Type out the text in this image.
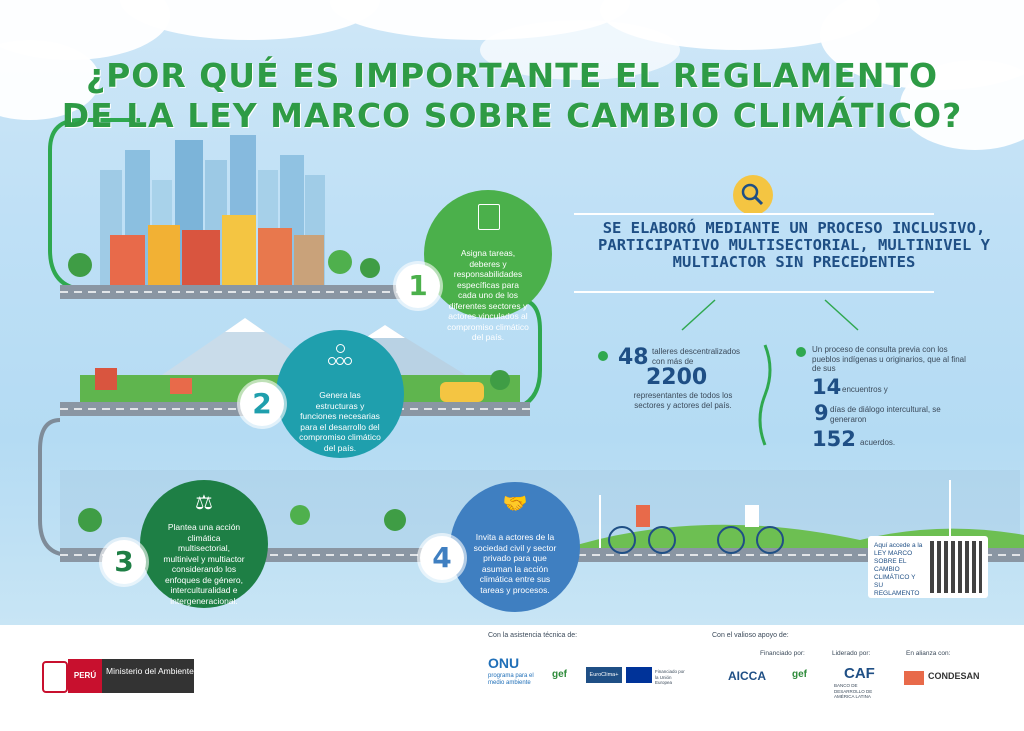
¿POR QUÉ ES IMPORTANTE EL REGLAMENTO
DE LA LEY MARCO SOBRE CAMBIO CLIMÁTICO?
Asigna tareas, deberes y responsabilidades específicas para cada uno de los diferentes sectores y actores vinculados al compromiso climático del país.
1
Genera las estructuras y funciones necesarias para el desarrollo del compromiso climático del país.
2
⚖
Plantea una acción climática multisectorial, multinivel y multiactor considerando los enfoques de género, interculturalidad e intergeneracional.
3
🤝
Invita a actores de la sociedad civil y sector privado para que asuman la acción climática entre sus tareas y procesos.
4
SE ELABORÓ MEDIANTE UN PROCESO INCLUSIVO, PARTICIPATIVO MULTISECTORIAL, MULTINIVEL Y MULTIACTOR SIN PRECEDENTES
48 talleres descentralizados con más de
2200
representantes de todos los sectores y actores del país.
Un proceso de consulta previa con los pueblos indígenas u originarios, que al final de sus
14 encuentros y
9 días de diálogo intercultural, se generaron
152 acuerdos.
Aquí accede a la LEY MARCO SOBRE EL CAMBIO CLIMÁTICO Y SU REGLAMENTO
PERÚ	Ministerio del Ambiente
Con la asistencia técnica de:	Con el valioso apoyo de:
Financiado por:	Liderado por:	En alianza con:
ONU
programa para el medio ambiente
gef	EuroClima+
Financiado por la Unión Europea	AICCA	gef CAF
BANCO DE DESARROLLO DE AMÉRICA LATINA
CONDESAN
